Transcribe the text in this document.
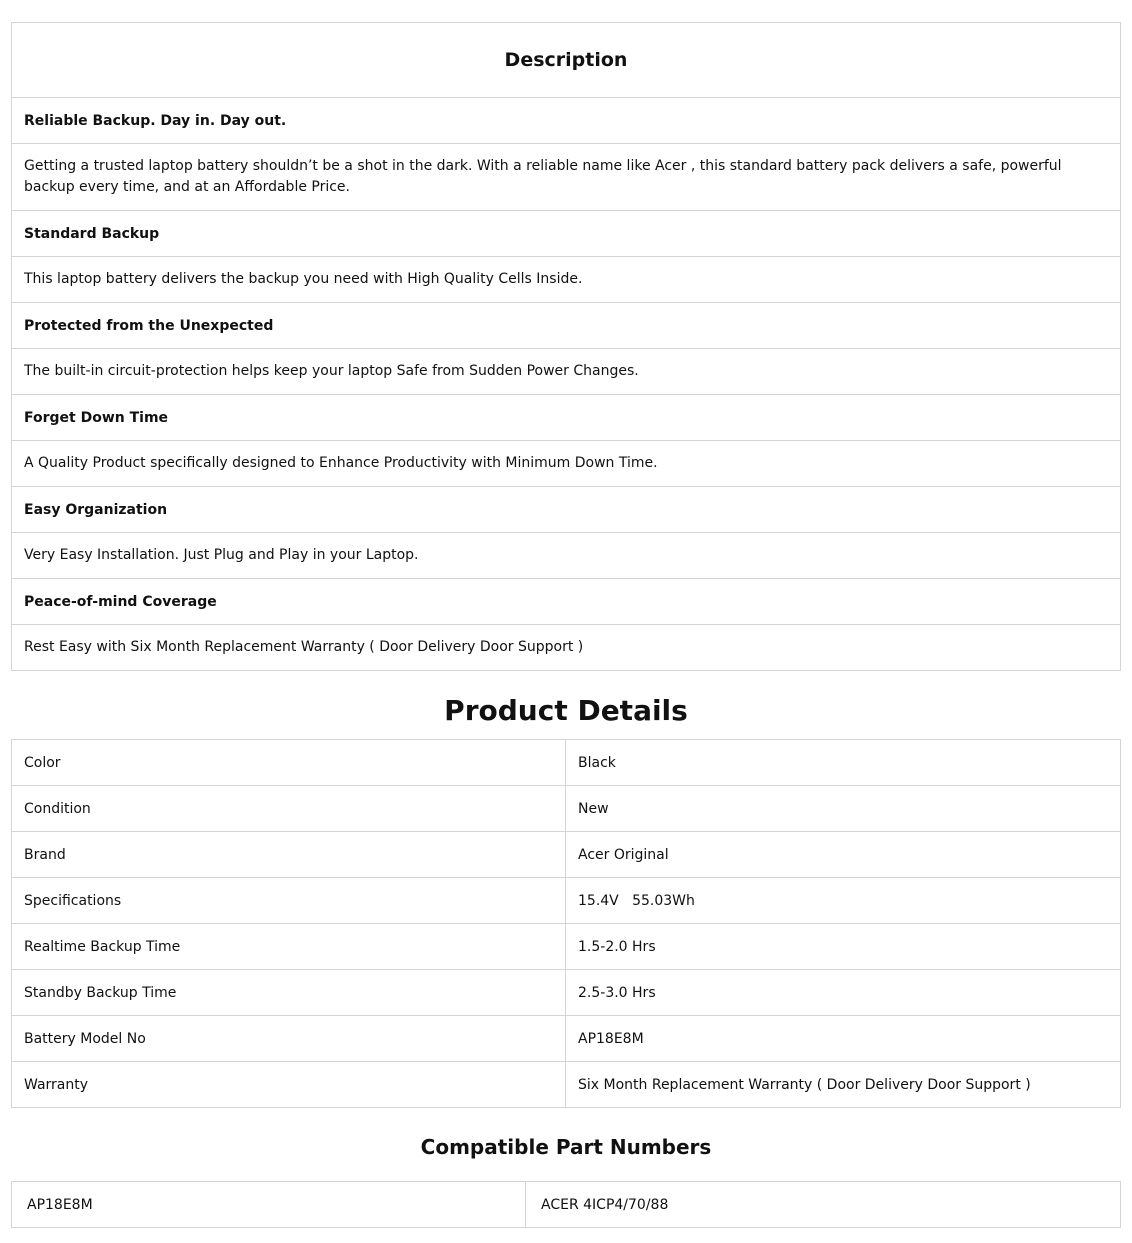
Description
Reliable Backup. Day in. Day out.
Getting a trusted laptop battery shouldn’t be a shot in the dark. With a reliable name like Acer , this standard battery pack delivers a safe, powerful backup every time, and at an Affordable Price.
Standard Backup
This laptop battery delivers the backup you need with High Quality Cells Inside.
Protected from the Unexpected
The built-in circuit-protection helps keep your laptop Safe from Sudden Power Changes.
Forget Down Time
A Quality Product specifically designed to Enhance Productivity with Minimum Down Time.
Easy Organization
Very Easy Installation. Just Plug and Play in your Laptop.
Peace-of-mind Coverage
Rest Easy with Six Month Replacement Warranty ( Door Delivery Door Support )
Product Details
Color	Black
Condition	New
Brand	Acer Original
Specifications	15.4V   55.03Wh
Realtime Backup Time	1.5-2.0 Hrs
Standby Backup Time	2.5-3.0 Hrs
Battery Model No	AP18E8M
Warranty	Six Month Replacement Warranty ( Door Delivery Door Support )
Compatible Part Numbers
AP18E8M	ACER 4ICP4/70/88
